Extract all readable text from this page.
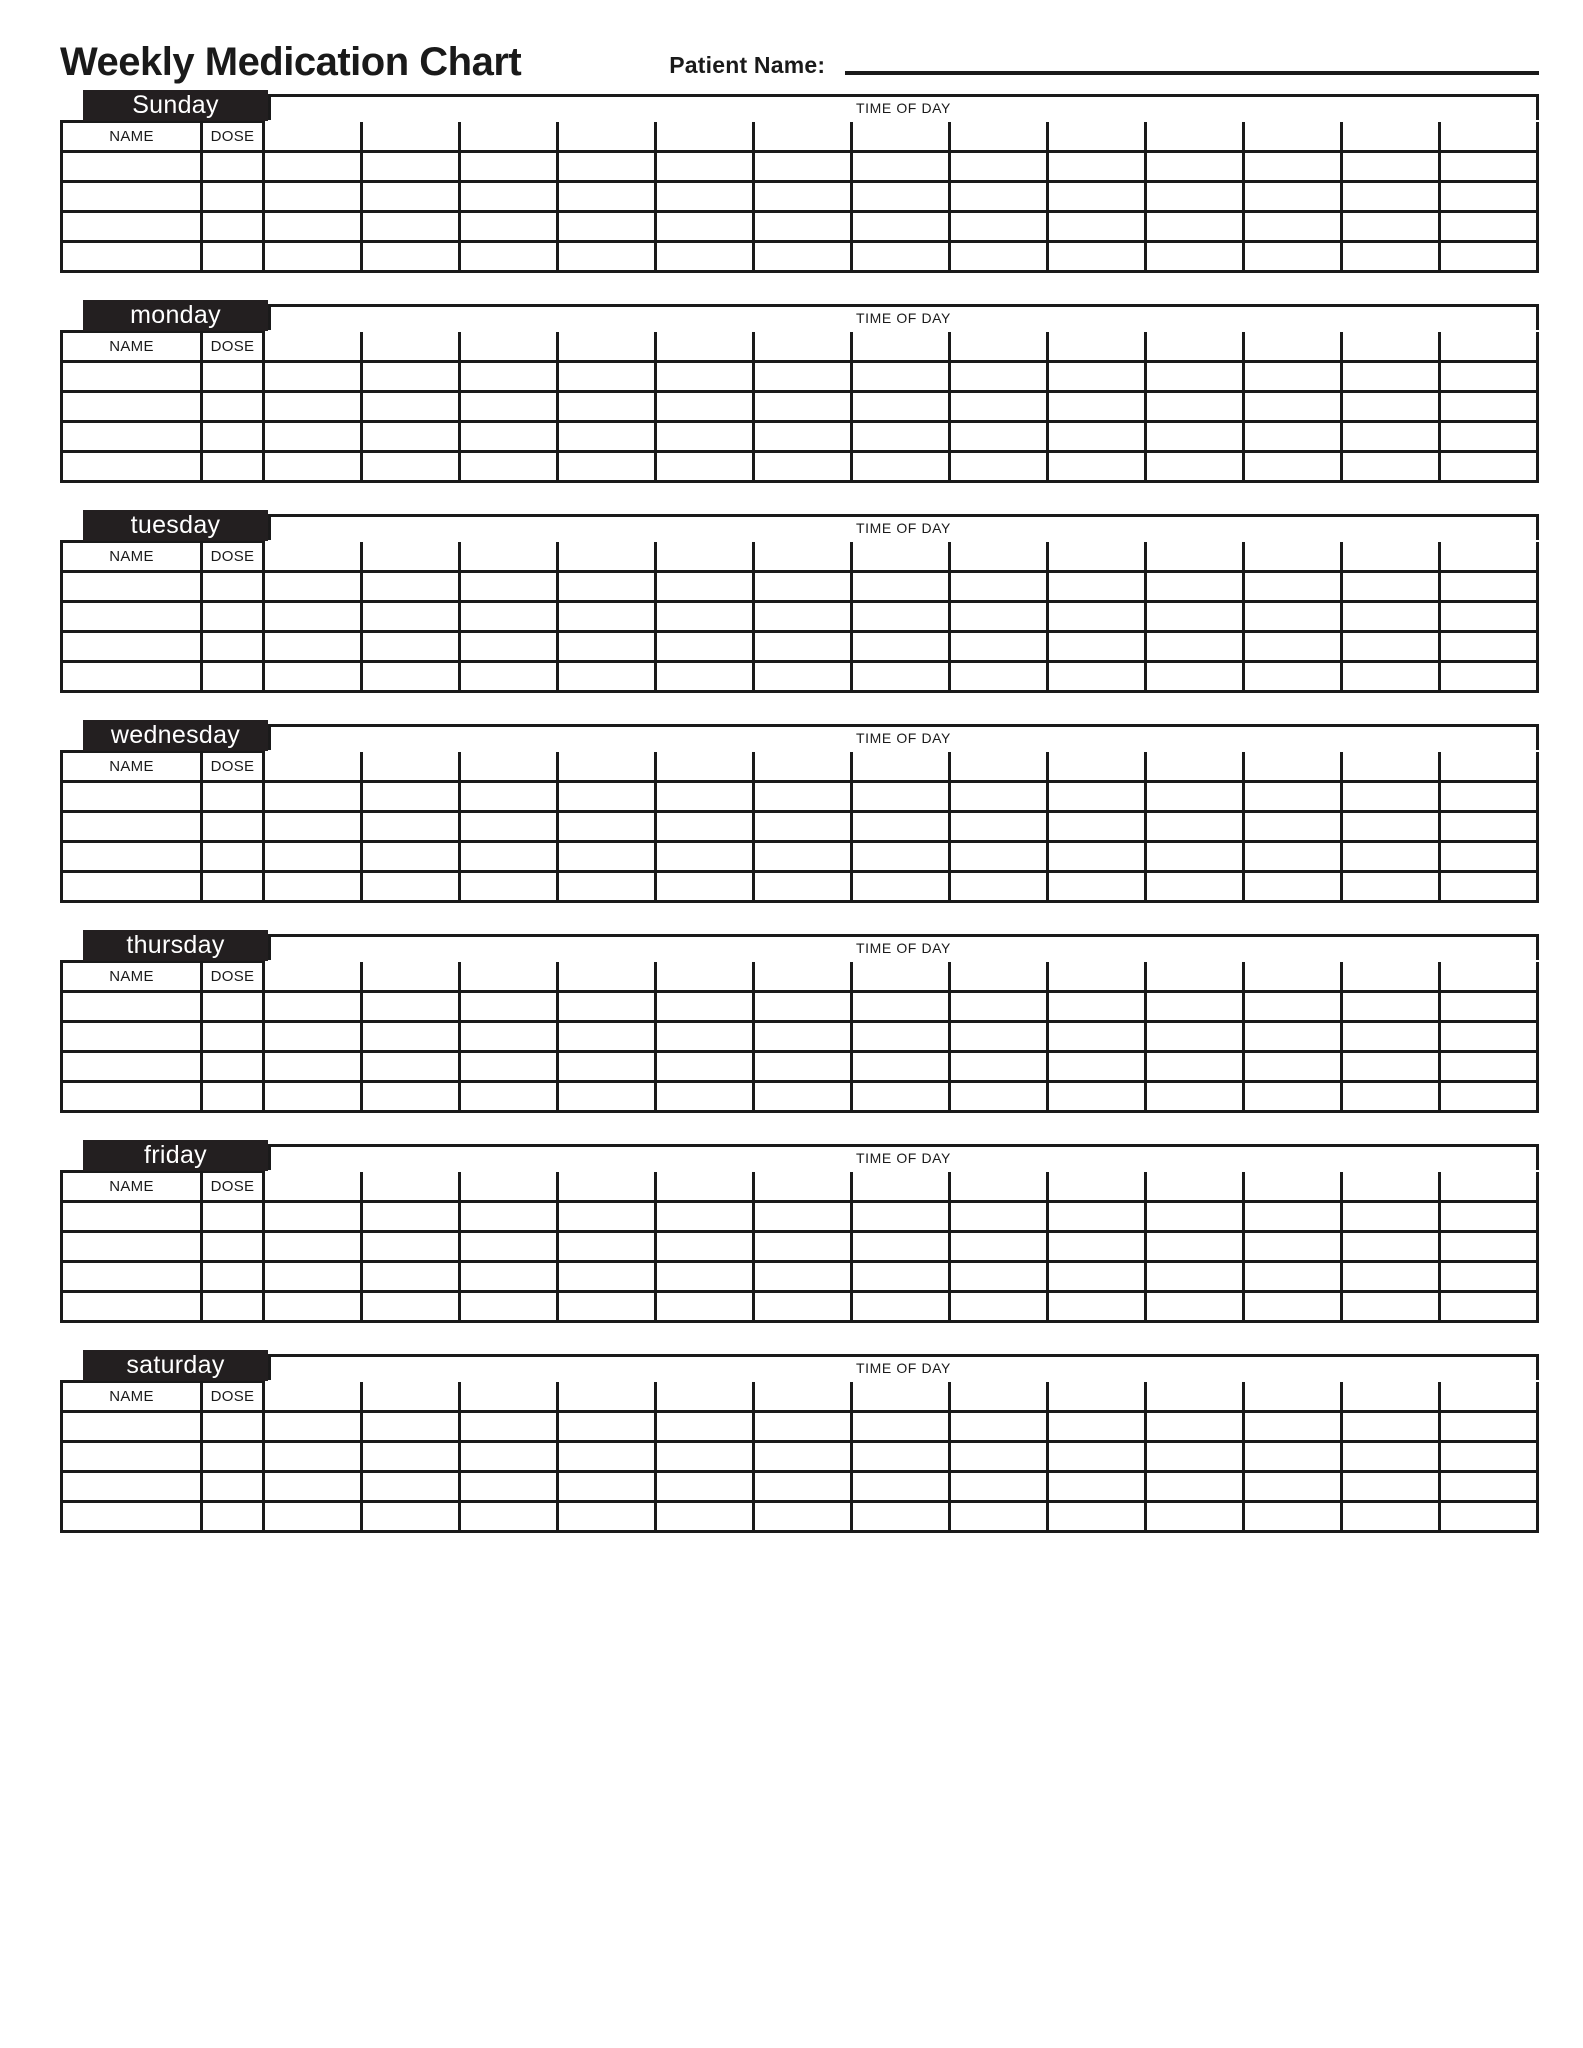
Weekly Medication Chart	Patient Name:
Sunday	TIME OF DAY
NAME	DOSE													

monday	TIME OF DAY
NAME	DOSE													

tuesday	TIME OF DAY
NAME	DOSE													

wednesday	TIME OF DAY
NAME	DOSE													

thursday	TIME OF DAY
NAME	DOSE													

friday	TIME OF DAY
NAME	DOSE													

saturday	TIME OF DAY
NAME	DOSE													
